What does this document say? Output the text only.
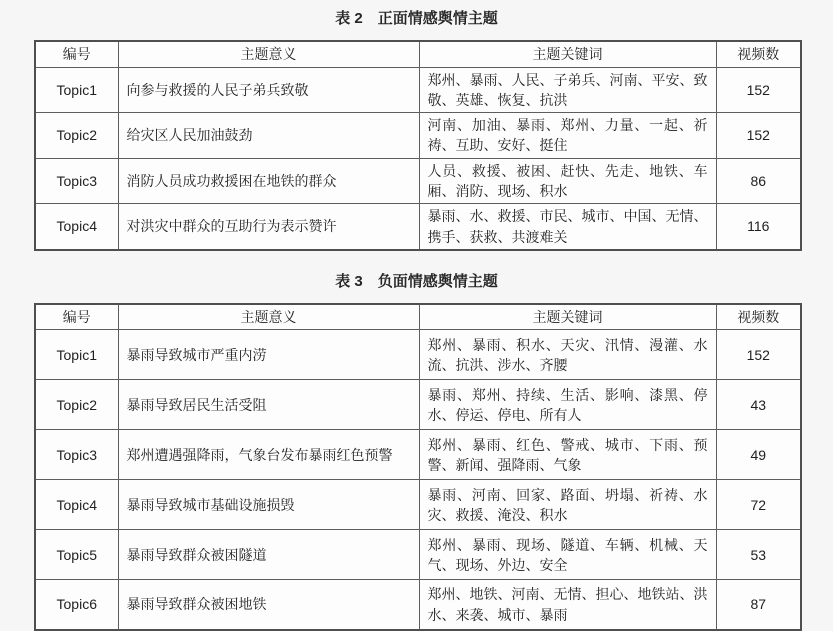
表 2　正面情感舆情主题
编号	主题意义	主题关键词	视频数
Topic1	向参与救援的人民子弟兵致敬	郑州、暴雨、人民、子弟兵、河南、平安、致敬、英雄、恢复、抗洪	152
Topic2	给灾区人民加油鼓劲	河南、加油、暴雨、郑州、力量、一起、祈祷、互助、安好、挺住	152
Topic3	消防人员成功救援困在地铁的群众	人员、救援、被困、赶快、先走、地铁、车厢、消防、现场、积水	86
Topic4	对洪灾中群众的互助行为表示赞许	暴雨、水、救援、市民、城市、中国、无情、携手、获救、共渡难关	116
表 3　负面情感舆情主题
编号	主题意义	主题关键词	视频数
Topic1	暴雨导致城市严重内涝	郑州、暴雨、积水、天灾、汛情、漫灌、水流、抗洪、涉水、齐腰	152
Topic2	暴雨导致居民生活受阻	暴雨、郑州、持续、生活、影响、漆黑、停水、停运、停电、所有人	43
Topic3	郑州遭遇强降雨，气象台发布暴雨红色预警	郑州、暴雨、红色、警戒、城市、下雨、预警、新闻、强降雨、气象	49
Topic4	暴雨导致城市基础设施损毁	暴雨、河南、回家、路面、坍塌、祈祷、水灾、救援、淹没、积水	72
Topic5	暴雨导致群众被困隧道	郑州、暴雨、现场、隧道、车辆、机械、天气、现场、外边、安全	53
Topic6	暴雨导致群众被困地铁	郑州、地铁、河南、无情、担心、地铁站、洪水、来袭、城市、暴雨	87
